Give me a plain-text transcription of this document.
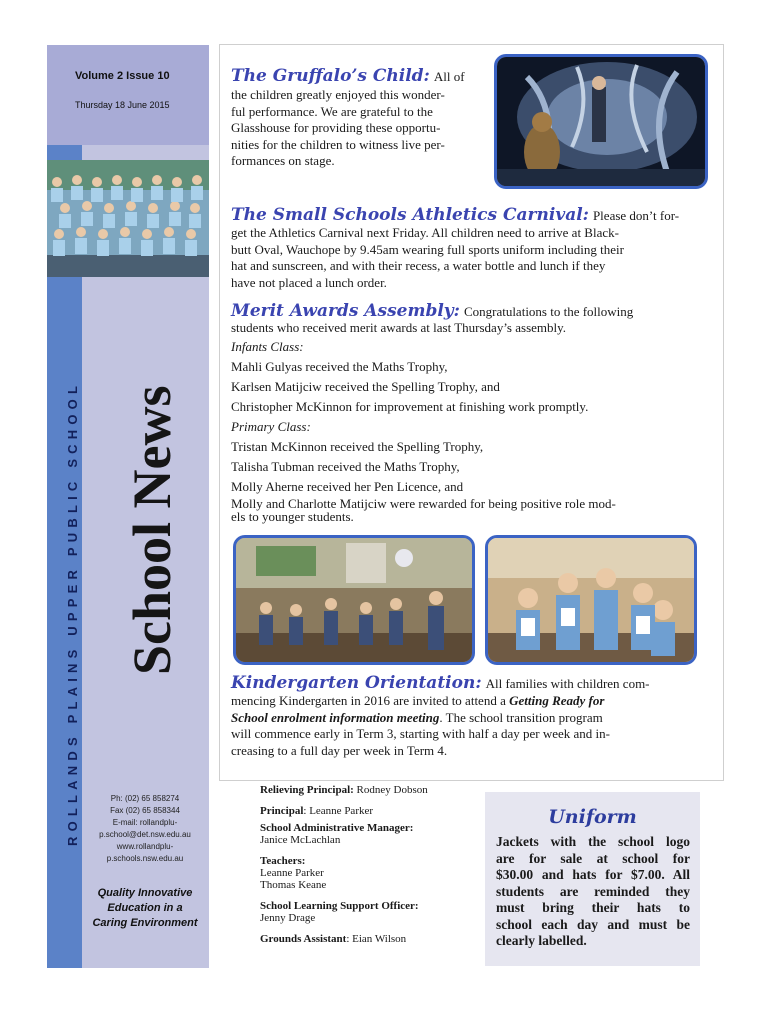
Volume 2 Issue 10
Thursday 18 June 2015
ROLLANDS PLAINS UPPER PUBLIC SCHOOL School News
Ph: (02) 65 858274
Fax (02) 65 858344
E-mail: rollandplu-
p.school@det.nsw.edu.au
www.rollandplu-
p.schools.nsw.edu.au
Quality Innovative
Education in a
Caring Environment
The Gruffalo’s Child: All of
the children greatly enjoyed this wonder-
ful performance. We are grateful to the
Glasshouse for providing these opportu-
nities for the children to witness live per-
formances on stage.
The Small Schools Athletics Carnival: Please don’t for-
get the Athletics Carnival next Friday. All children need to arrive at Black-
butt Oval, Wauchope by 9.45am wearing full sports uniform including their
hat and sunscreen, and with their recess, a water bottle and lunch if they
have not placed a lunch order.
Merit Awards Assembly: Congratulations to the following
students who received merit awards at last Thursday’s assembly.
Infants Class:
Mahli Gulyas received the Maths Trophy,
Karlsen Matijciw received the Spelling Trophy, and
Christopher McKinnon for improvement at finishing work promptly.
Primary Class:
Tristan McKinnon received the Spelling Trophy,
Talisha Tubman received the Maths Trophy,
Molly Aherne received her Pen Licence, and
Molly and Charlotte Matijciw were rewarded for being positive role mod-
els to younger students.
Kindergarten Orientation: All families with children com-
mencing Kindergarten in 2016 are invited to attend a Getting Ready for
School enrolment information meeting. The school transition program
will commence early in Term 3, starting with half a day per week and in-
creasing to a full day per week in Term 4.
Relieving Principal: Rodney Dobson
Principal: Leanne Parker
School Administrative Manager:
Janice McLachlan
Teachers:
Leanne Parker
Thomas Keane
School Learning Support Officer:
Jenny Drage
Grounds Assistant: Eian Wilson
Uniform
Jackets with the school logo
are for sale at school for
$30.00 and hats for $7.00. All
students are reminded they
must bring their hats to
school each day and must be
clearly labelled.
